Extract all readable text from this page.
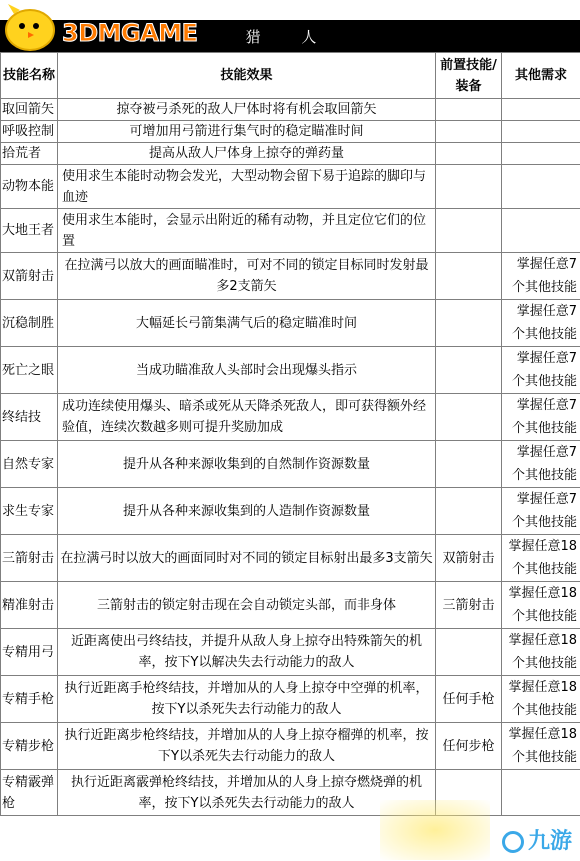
猎 人
3DMGAME
技能名称	技能效果	前置技能/装备	其他需求
取回箭矢	掠夺被弓杀死的敌人尸体时将有机会取回箭矢		
呼吸控制	可增加用弓箭进行集气时的稳定瞄准时间		
拾荒者	提高从敌人尸体身上掠夺的弹药量		
动物本能	使用求生本能时动物会发光，大型动物会留下易于追踪的脚印与血迹		
大地王者	使用求生本能时，会显示出附近的稀有动物，并且定位它们的位置		
双箭射击	在拉满弓以放大的画面瞄准时，可对不同的锁定目标同时发射最多2支箭矢		掌握任意7个其他技能
沉稳制胜	大幅延长弓箭集满气后的稳定瞄准时间		掌握任意7个其他技能
死亡之眼	当成功瞄准敌人头部时会出现爆头指示		掌握任意7个其他技能
终结技	成功连续使用爆头、暗杀或死从天降杀死敌人，即可获得额外经验值，连续次数越多则可提升奖励加成		掌握任意7个其他技能
自然专家	提升从各种来源收集到的自然制作资源数量		掌握任意7个其他技能
求生专家	提升从各种来源收集到的人造制作资源数量		掌握任意7个其他技能
三箭射击	在拉满弓时以放大的画面同时对不同的锁定目标射出最多3支箭矢	双箭射击	掌握任意18个其他技能
精准射击	三箭射击的锁定射击现在会自动锁定头部，而非身体	三箭射击	掌握任意18个其他技能
专精用弓	近距离使出弓终结技，并提升从敌人身上掠夺出特殊箭矢的机率，按下Y以解决失去行动能力的敌人		掌握任意18个其他技能
专精手枪	执行近距离手枪终结技，并增加从的人身上掠夺中空弹的机率，按下Y以杀死失去行动能力的敌人	任何手枪	掌握任意18个其他技能
专精步枪	执行近距离步枪终结技，并增加从的人身上掠夺榴弹的机率，按下Y以杀死失去行动能力的敌人	任何步枪	掌握任意18个其他技能
专精霰弹枪	执行近距离霰弹枪终结技，并增加从的人身上掠夺燃烧弹的机率，按下Y以杀死失去行动能力的敌人		
九游
